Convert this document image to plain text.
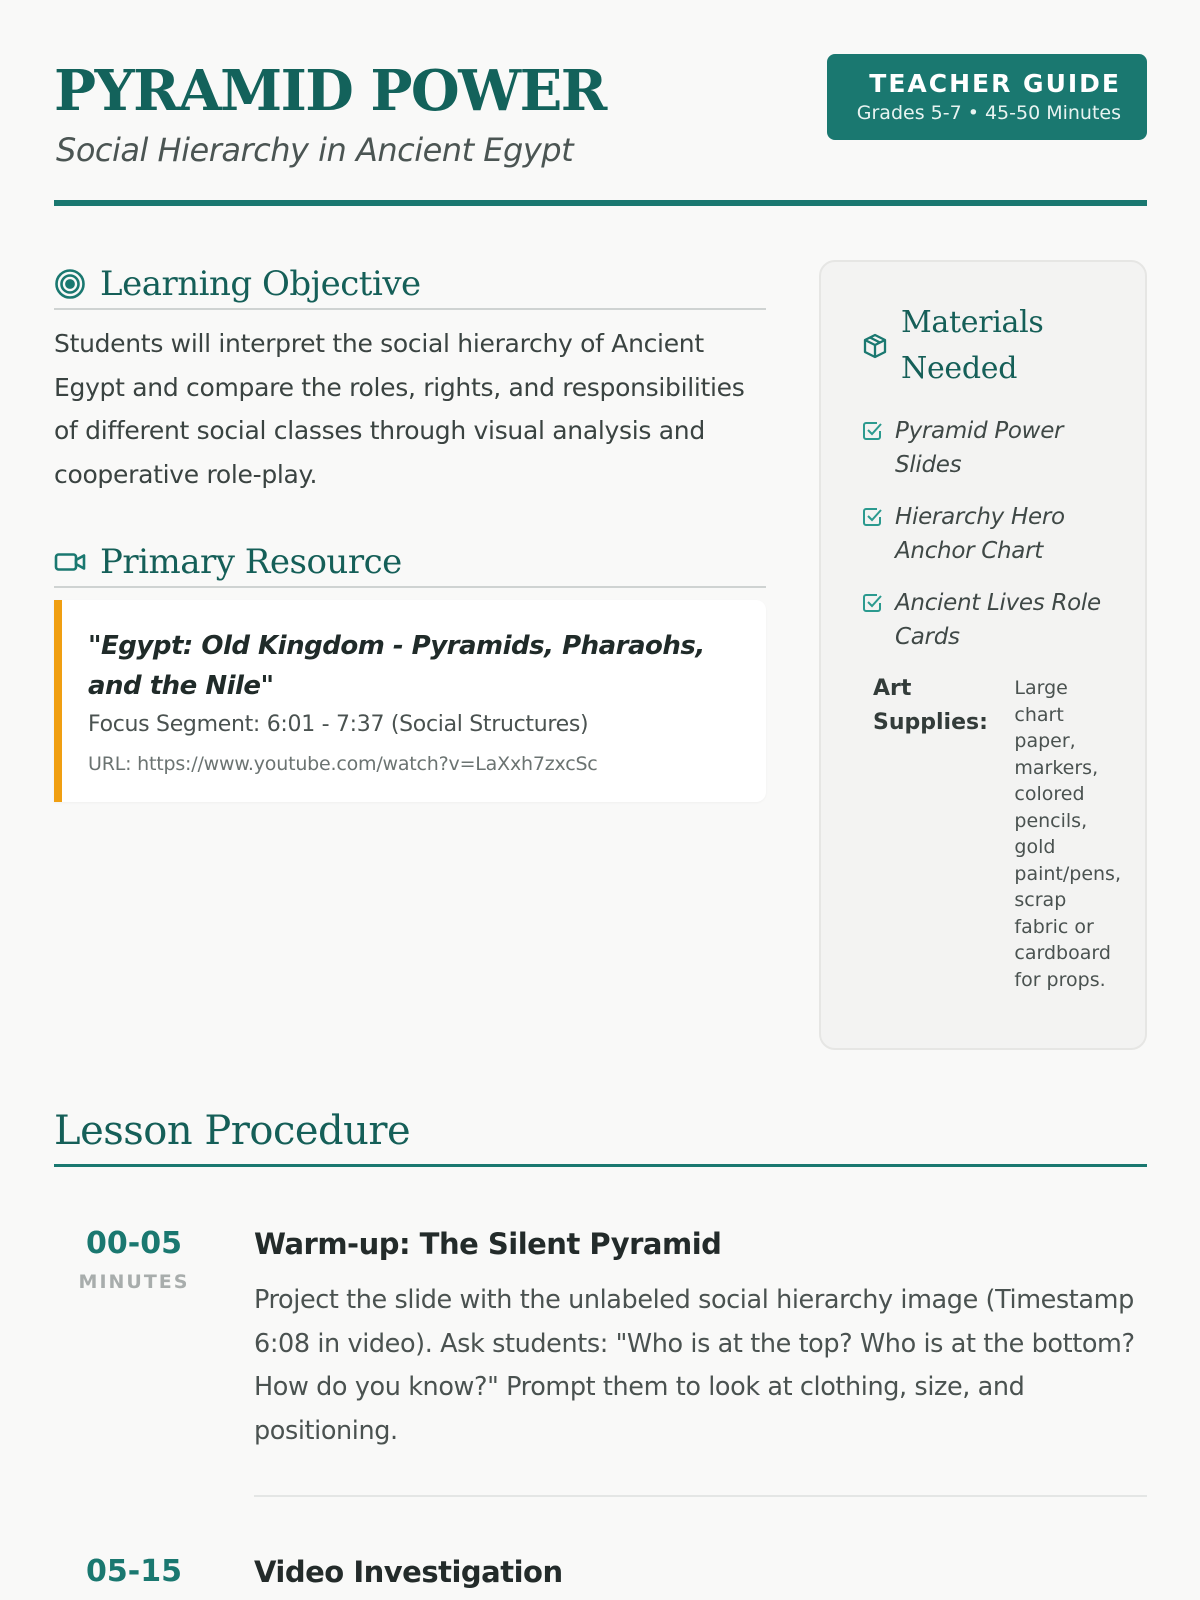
PYRAMID POWER
Social Hierarchy in Ancient Egypt
TEACHER GUIDE
Grades 5-7 • 45-50 Minutes
Learning Objective

Students will interpret the social hierarchy of Ancient Egypt and compare the roles, rights, and responsibilities of different social classes through visual analysis and cooperative role-play.

Primary Resource
"Egypt: Old Kingdom - Pyramids, Pharaohs, and the Nile"
Focus Segment: 6:01 - 7:37 (Social Structures)
URL: https://www.youtube.com/watch?v=LaXxh7zxcSc
Materials Needed
Pyramid Power Slides
Hierarchy Hero Anchor Chart
Ancient Lives Role Cards
Art Supplies:
Large chart paper, markers, colored pencils, gold paint/pens, scrap fabric or cardboard for props.
Lesson Procedure
00-05
MINUTES
Warm-up: The Silent Pyramid

Project the slide with the unlabeled social hierarchy image (Timestamp 6:08 in video). Ask students: "Who is at the top? Who is at the bottom? How do you know?" Prompt them to look at clothing, size, and positioning.

05-15	Video Investigation
